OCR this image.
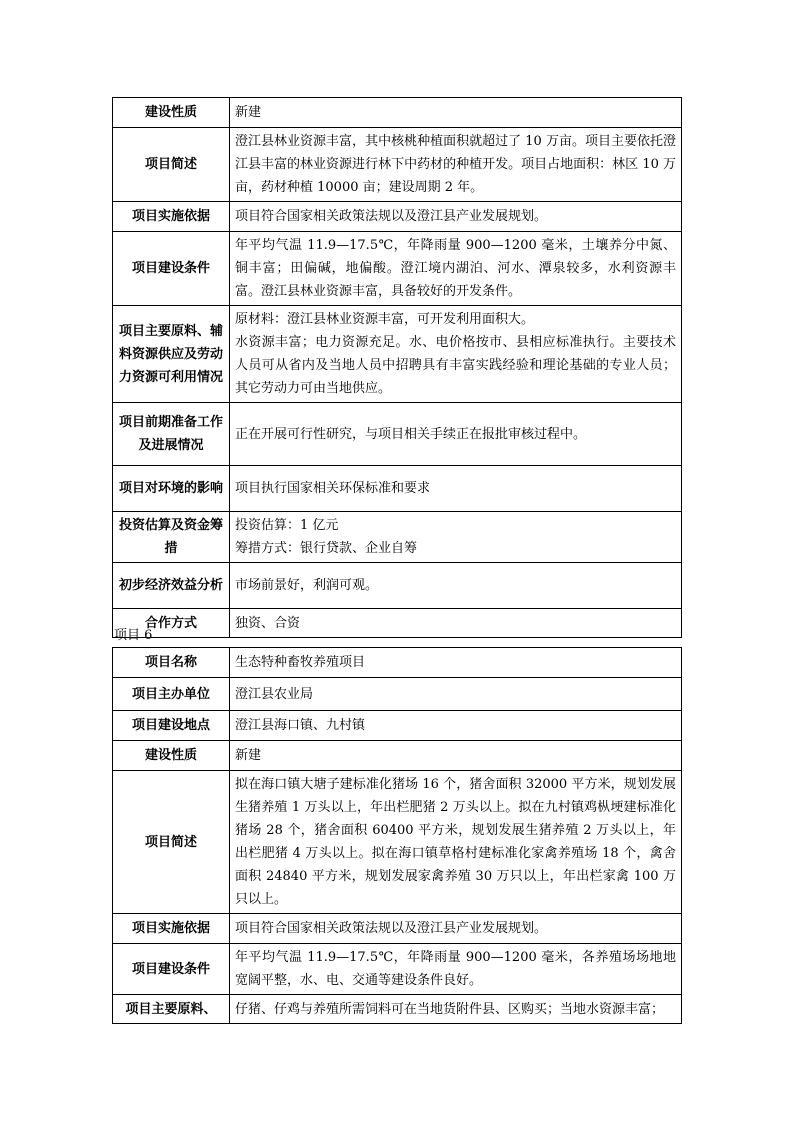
建设性质	新建

项目简述	澄江县林业资源丰富，其中核桃种植面积就超过了 10 万亩。项目主要依托澄江县丰富的林业资源进行林下中药材的种植开发。项目占地面积：林区 10 万亩，药材种植 10000 亩；建设周期 2 年。

项目实施依据	项目符合国家相关政策法规以及澄江县产业发展规划。

项目建设条件	年平均气温 11.9—17.5℃，年降雨量 900—1200 毫米，土壤养分中氮、铜丰富；田偏碱，地偏酸。澄江境内湖泊、河水、潭泉较多，水利资源丰富。澄江县林业资源丰富，具备较好的开发条件。

项目主要原料、辅料资源供应及劳动力资源可利用情况	原材料：澄江县林业资源丰富，可开发利用面积大。
水资源丰富；电力资源充足。水、电价格按市、县相应标准执行。主要技术人员可从省内及当地人员中招聘具有丰富实践经验和理论基础的专业人员；其它劳动力可由当地供应。

项目前期准备工作及进展情况	正在开展可行性研究，与项目相关手续正在报批审核过程中。

项目对环境的影响	项目执行国家相关环保标准和要求

投资估算及资金筹措	投资估算：1 亿元
筹措方式：银行贷款、企业自筹

初步经济效益分析	市场前景好，利润可观。

合作方式	独资、合资
项目 6
项目名称	生态特种畜牧养殖项目

项目主办单位	澄江县农业局

项目建设地点	澄江县海口镇、九村镇

建设性质	新建

项目简述	拟在海口镇大塘子建标准化猪场 16 个，猪舍面积 32000 平方米，规划发展生猪养殖 1 万头以上，年出栏肥猪 2 万头以上。拟在九村镇鸡枞埂建标准化猪场 28 个，猪舍面积 60400 平方米，规划发展生猪养殖 2 万头以上，年出栏肥猪 4 万头以上。拟在海口镇草格村建标准化家禽养殖场 18 个，禽舍面积 24840 平方米，规划发展家禽养殖 30 万只以上，年出栏家禽 100 万只以上。

项目实施依据	项目符合国家相关政策法规以及澄江县产业发展规划。

项目建设条件	年平均气温 11.9—17.5℃，年降雨量 900—1200 毫米，各养殖场场地地宽阔平整，水、电、交通等建设条件良好。

项目主要原料、	仔猪、仔鸡与养殖所需饲料可在当地货附件县、区购买；当地水资源丰富；
